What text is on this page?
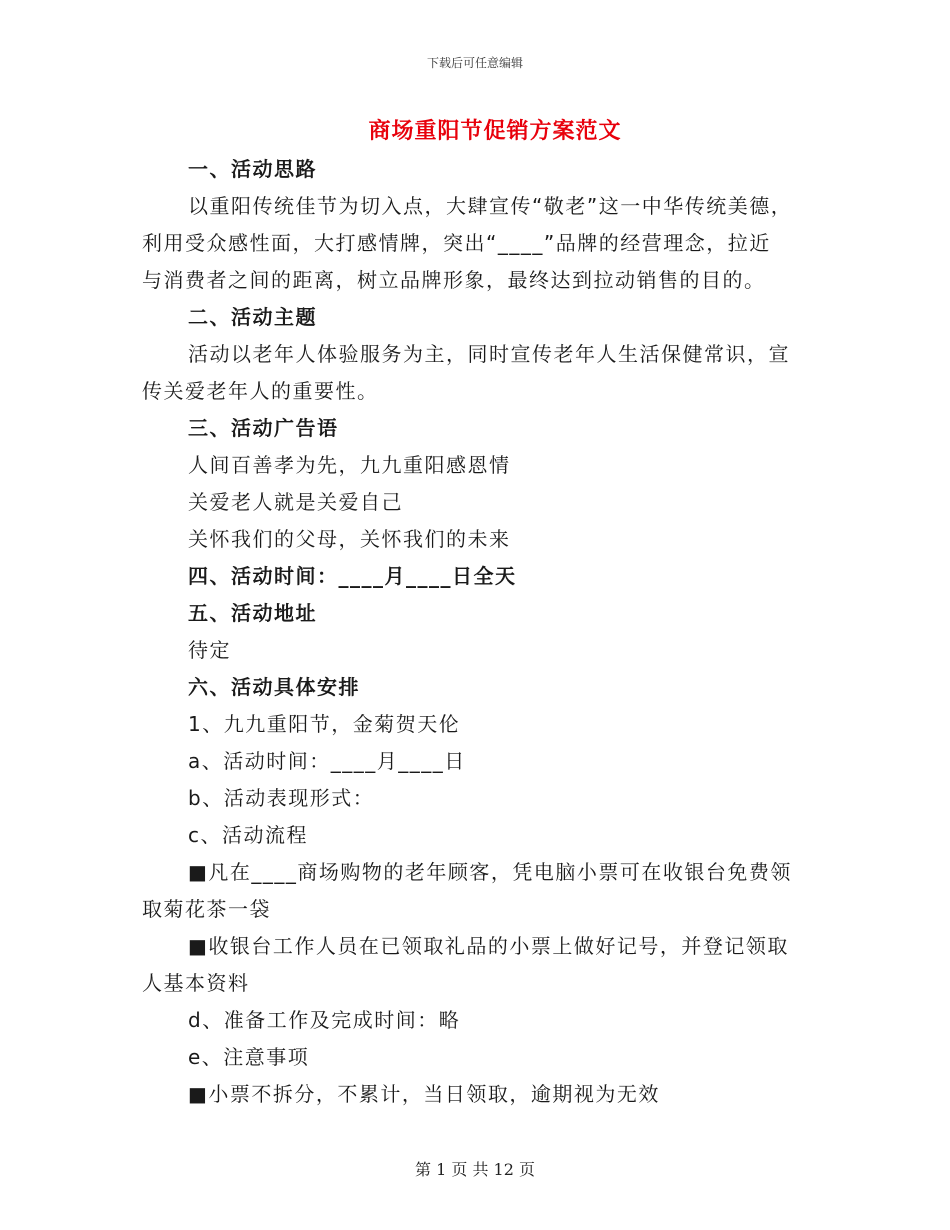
下载后可任意编辑
商场重阳节促销方案范文

一、活动思路

以重阳传统佳节为切入点，大肆宣传“敬老”这一中华传统美德，

利用受众感性面，大打感情牌，突出“____”品牌的经营理念，拉近

与消费者之间的距离，树立品牌形象，最终达到拉动销售的目的。

二、活动主题

活动以老年人体验服务为主，同时宣传老年人生活保健常识，宣

传关爱老年人的重要性。

三、活动广告语

人间百善孝为先，九九重阳感恩情

关爱老人就是关爱自己

关怀我们的父母，关怀我们的未来

四、活动时间：____月____日全天

五、活动地址

待定

六、活动具体安排

1、九九重阳节，金菊贺天伦

a、活动时间：____月____日

b、活动表现形式：

c、活动流程

■凡在____商场购物的老年顾客，凭电脑小票可在收银台免费领

取菊花茶一袋

■收银台工作人员在已领取礼品的小票上做好记号，并登记领取

人基本资料

d、准备工作及完成时间：略

e、注意事项

■小票不拆分，不累计，当日领取，逾期视为无效

第 1 页 共 12 页
